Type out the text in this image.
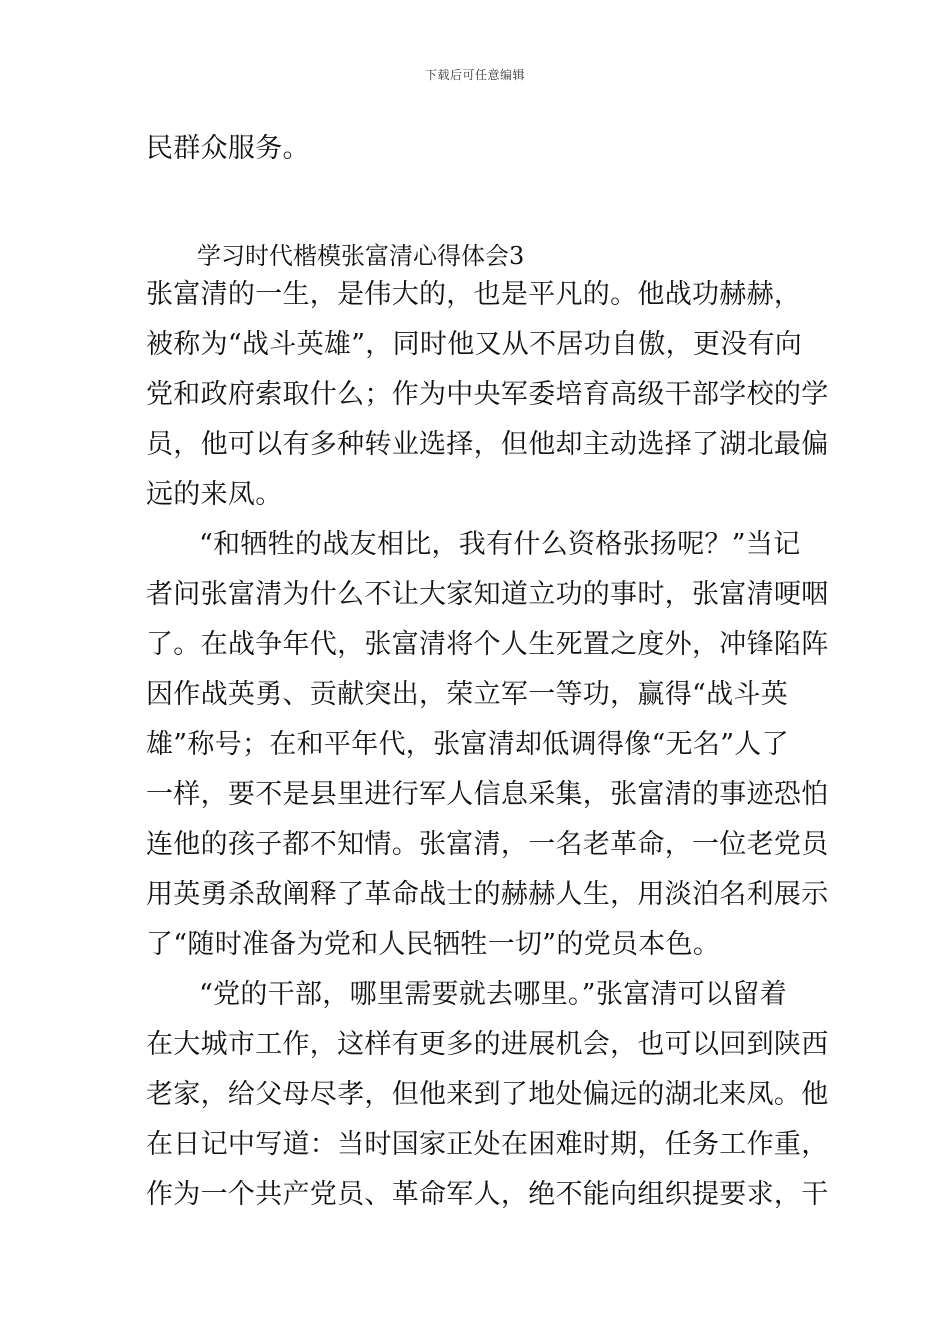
下载后可任意编辑
民群众服务。
学习时代楷模张富清心得体会3
张富清的一生，是伟大的，也是平凡的。他战功赫赫，
被称为“战斗英雄”，同时他又从不居功自傲，更没有向
党和政府索取什么；作为中央军委培育高级干部学校的学
员，他可以有多种转业选择，但他却主动选择了湖北最偏
远的来凤。
“和牺牲的战友相比，我有什么资格张扬呢？”当记
者问张富清为什么不让大家知道立功的事时，张富清哽咽
了。在战争年代，张富清将个人生死置之度外，冲锋陷阵
因作战英勇、贡献突出，荣立军一等功，赢得“战斗英
雄”称号；在和平年代，张富清却低调得像“无名”人了
一样，要不是县里进行军人信息采集，张富清的事迹恐怕
连他的孩子都不知情。张富清，一名老革命，一位老党员
用英勇杀敌阐释了革命战士的赫赫人生，用淡泊名利展示
了“随时准备为党和人民牺牲一切”的党员本色。
“党的干部，哪里需要就去哪里。”张富清可以留着
在大城市工作，这样有更多的进展机会，也可以回到陕西
老家，给父母尽孝，但他来到了地处偏远的湖北来凤。他
在日记中写道：当时国家正处在困难时期，任务工作重，
作为一个共产党员、革命军人，绝不能向组织提要求，干
